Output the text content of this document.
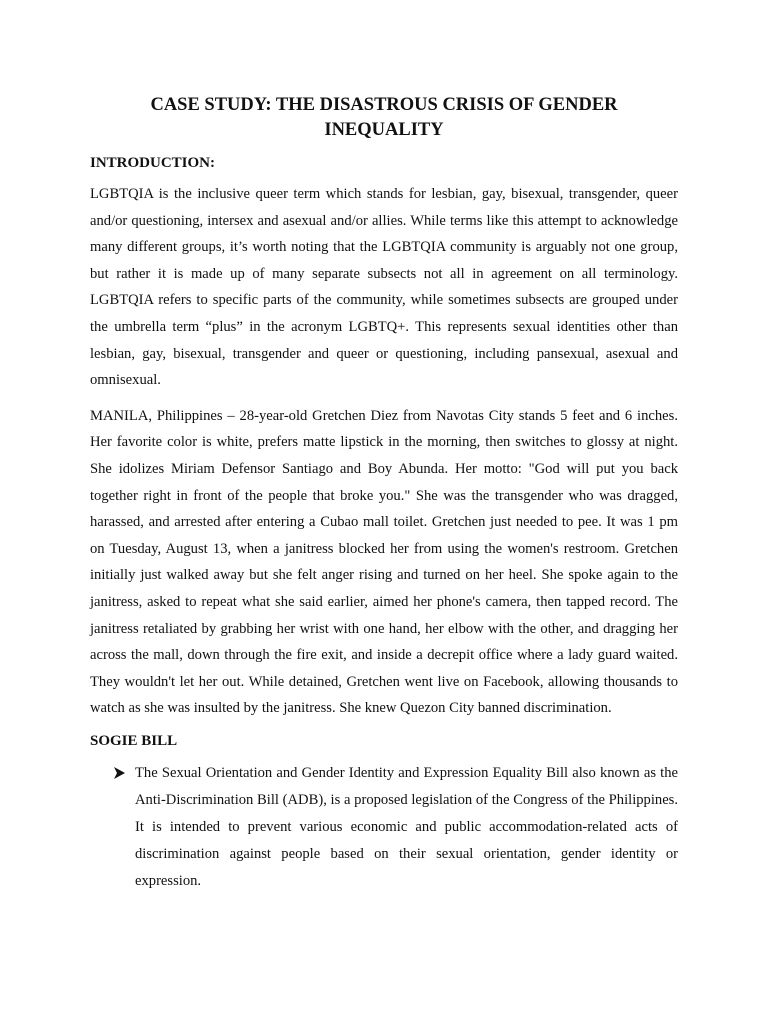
CASE STUDY: THE DISASTROUS CRISIS OF GENDER INEQUALITY
INTRODUCTION:

LGBTQIA is the inclusive queer term which stands for lesbian, gay, bisexual, transgender, queer and/or questioning, intersex and asexual and/or allies. While terms like this attempt to acknowledge many different groups, it’s worth noting that the LGBTQIA community is arguably not one group, but rather it is made up of many separate subsects not all in agreement on all terminology. LGBTQIA refers to specific parts of the community, while sometimes subsects are grouped under the umbrella term “plus” in the acronym LGBTQ+. This represents sexual identities other than lesbian, gay, bisexual, transgender and queer or questioning, including pansexual, asexual and omnisexual.

MANILA, Philippines – 28-year-old Gretchen Diez from Navotas City stands 5 feet and 6 inches. Her favorite color is white, prefers matte lipstick in the morning, then switches to glossy at night. She idolizes Miriam Defensor Santiago and Boy Abunda. Her motto: "God will put you back together right in front of the people that broke you." She was the transgender who was dragged, harassed, and arrested after entering a Cubao mall toilet. Gretchen just needed to pee. It was 1 pm on Tuesday, August 13, when a janitress blocked her from using the women's restroom. Gretchen initially just walked away but she felt anger rising and turned on her heel. She spoke again to the janitress, asked to repeat what she said earlier, aimed her phone's camera, then tapped record. The janitress retaliated by grabbing her wrist with one hand, her elbow with the other, and dragging her across the mall, down through the fire exit, and inside a decrepit office where a lady guard waited. They wouldn't let her out. While detained, Gretchen went live on Facebook, allowing thousands to watch as she was insulted by the janitress. She knew Quezon City banned discrimination.

SOGIE BILL
The Sexual Orientation and Gender Identity and Expression Equality Bill also known as the Anti-Discrimination Bill (ADB), is a proposed legislation of the Congress of the Philippines. It is intended to prevent various economic and public accommodation-related acts of discrimination against people based on their sexual orientation, gender identity or expression.
